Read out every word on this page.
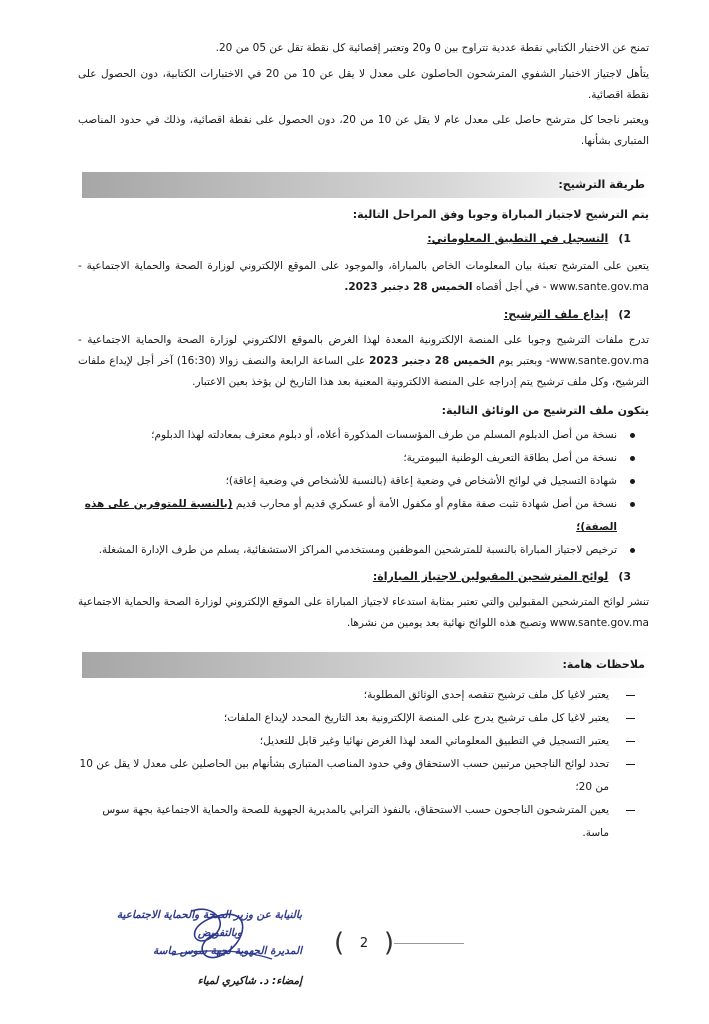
تمنح عن الاختبار الكتابي نقطة عددية تتراوح بين 0 و20 وتعتبر إقصائية كل نقطة تقل عن 05 من 20.
يتأهل لاجتياز الاختبار الشفوي المترشحون الحاصلون على معدل لا يقل عن 10 من 20 في الاختبارات الكتابية، دون الحصول على نقطة اقصائية.
ويعتبر ناجحا كل مترشح حاصل على معدل عام لا يقل عن 10 من 20، دون الحصول على نقطة اقصائية، وذلك في حدود المناصب المتبارى بشأنها.
طريقة الترشيح:
يتم الترشيح لاجتياز المباراة وجوبا وفق المراحل التالية:
1)التسجيل في التطبيق المعلوماتي:
يتعين على المترشح تعبئة بيان المعلومات الخاص بالمباراة، والموجود على الموقع الإلكتروني لوزارة الصحة والحماية الاجتماعية - www.sante.gov.ma - في أجل أقصاه الخميس 28 دجنبر 2023.
2)إيداع ملف الترشيح:
تدرج ملفات الترشيح وجوبا على المنصة الإلكترونية المعدة لهذا الغرض بالموقع الالكتروني لوزارة الصحة والحماية الاجتماعية - www.sante.gov.ma- وبعتبر يوم الخميس 28 دجنبر 2023 على الساعة الرابعة والنصف زوالا (16:30) آخر أجل لإيداع ملفات الترشيح، وكل ملف ترشيح يتم إدراجه على المنصة الالكترونية المعنية بعد هذا التاريخ لن يؤخذ بعين الاعتبار.
يتكون ملف الترشيح من الوثائق التالية:
نسخة من أصل الدبلوم المسلم من طرف المؤسسات المذكورة أعلاه، أو دبلوم معترف بمعادلته لهذا الدبلوم؛
نسخة من أصل بطاقة التعريف الوطنية البيومترية؛
شهادة التسجيل في لوائح الأشخاص في وضعية إعاقة (بالنسبة للأشخاص في وضعية إعاقة)؛
نسخة من أصل شهادة تثبت صفة مقاوم أو مكفول الأمة أو عسكري قديم أو محارب قديم (بالنسبة للمتوفرين على هذه الصفة)؛
ترخيص لاجتياز المباراة بالنسبة للمترشحين الموظفين ومستخدمي المراكز الاستشفائية، يسلم من طرف الإدارة المشغلة.
3)لوائح المترشحين المقبولين لاجتياز المباراة:
تنشر لوائح المترشحين المقبولين والتي تعتبر بمثابة استدعاء لاجتياز المباراة على الموقع الإلكتروني لوزارة الصحة والحماية الاجتماعية www.sante.gov.ma وتصبح هذه اللوائح نهائية بعد يومين من نشرها.
ملاحظات هامة:
يعتبر لاغيا كل ملف ترشيح تنقصه إحدى الوثائق المطلوبة؛
يعتبر لاغيا كل ملف ترشيح يدرج على المنصة الإلكترونية بعد التاريخ المحدد لإيداع الملفات؛
يعتبر التسجيل في التطبيق المعلوماتي المعد لهذا الغرض نهائيا وغير قابل للتعديل؛
تحدد لوائح الناجحين مرتبين حسب الاستحقاق وفي حدود المناصب المتبارى بشأنهام بين الحاصلين على معدل لا يقل عن 10 من 20؛
يعين المترشحون الناجحون حسب الاستحقاق، بالنفوذ الترابي بالمديرية الجهوية للصحة والحماية الاجتماعية بجهة سوس ماسة.
(
2
)
بالنيابة عن وزير الصحة والحماية الاجتماعية
وبالتفويض
المديرة الجهوية لجهة سوس ماسة
إمضاء: د. شاكيري لمياء
